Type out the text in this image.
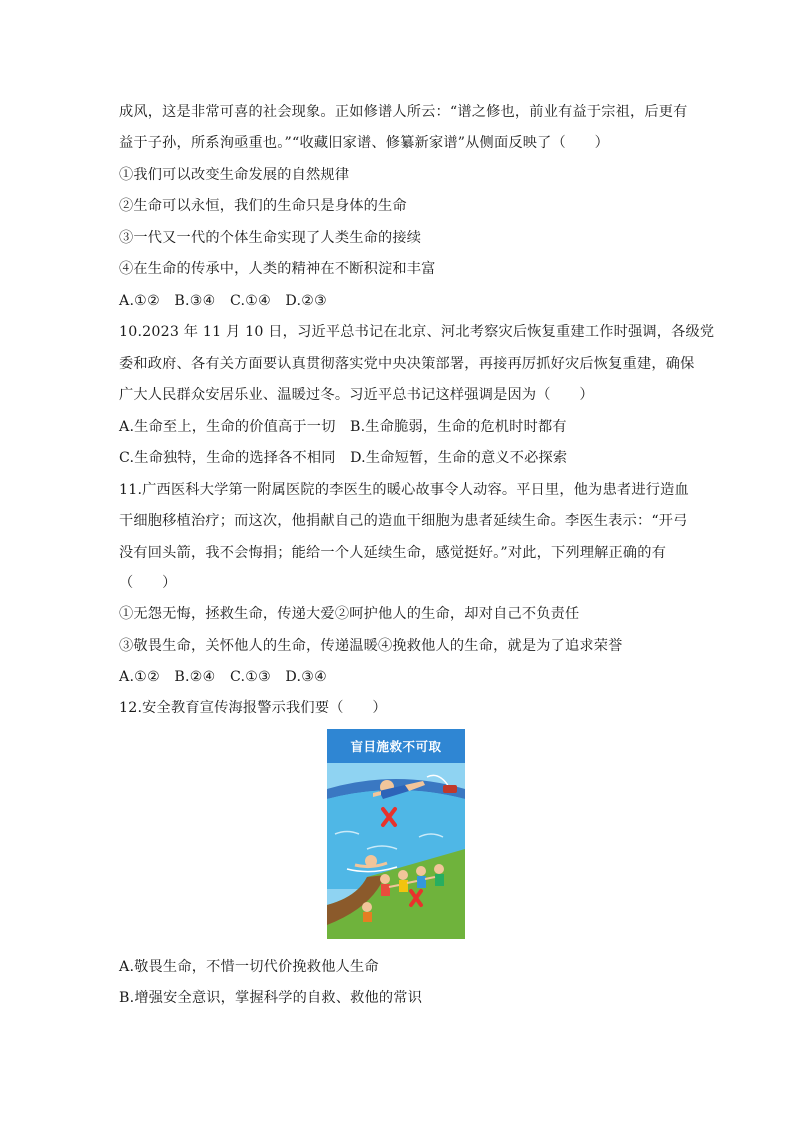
成风，这是非常可喜的社会现象。正如修谱人所云：“谱之修也，前业有益于宗祖，后更有
益于子孙，所系洵亟重也。”“收藏旧家谱、修纂新家谱”从侧面反映了（　　）
①我们可以改变生命发展的自然规律
②生命可以永恒，我们的生命只是身体的生命
③一代又一代的个体生命实现了人类生命的接续
④在生命的传承中，人类的精神在不断积淀和丰富
A.①②　B.③④　C.①④　D.②③
10.2023 年 11 月 10 日，习近平总书记在北京、河北考察灾后恢复重建工作时强调，各级党
委和政府、各有关方面要认真贯彻落实党中央决策部署，再接再厉抓好灾后恢复重建，确保
广大人民群众安居乐业、温暖过冬。习近平总书记这样强调是因为（　　）
A.生命至上，生命的价值高于一切　B.生命脆弱，生命的危机时时都有
C.生命独特，生命的选择各不相同　D.生命短暂，生命的意义不必探索
11.广西医科大学第一附属医院的李医生的暖心故事令人动容。平日里，他为患者进行造血
干细胞移植治疗；而这次，他捐献自己的造血干细胞为患者延续生命。李医生表示：“开弓
没有回头箭，我不会悔捐；能给一个人延续生命，感觉挺好。”对此，下列理解正确的有
（　　）
①无怨无悔，拯救生命，传递大爱②呵护他人的生命，却对自己不负责任
③敬畏生命，关怀他人的生命，传递温暖④挽救他人的生命，就是为了追求荣誉
A.①②　B.②④　C.①③　D.③④
12.安全教育宣传海报警示我们要（　　）
盲目施救不可取
A.敬畏生命，不惜一切代价挽救他人生命
B.增强安全意识，掌握科学的自救、救他的常识
